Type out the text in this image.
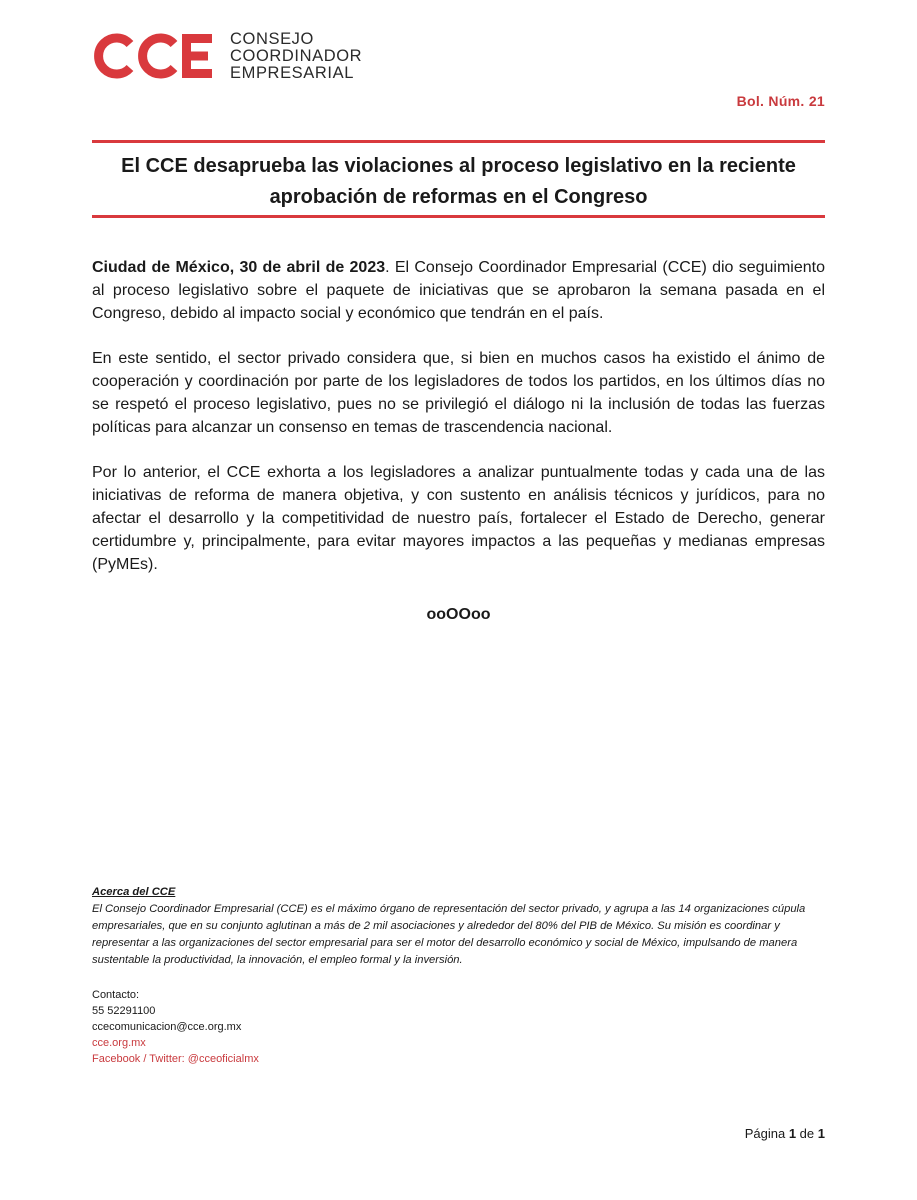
CONSEJO
COORDINADOR
EMPRESARIAL
Bol. Núm. 21
El CCE desaprueba las violaciones al proceso legislativo en la reciente
aprobación de reformas en el Congreso

Ciudad de México, 30 de abril de 2023. El Consejo Coordinador Empresarial (CCE) dio seguimiento al proceso legislativo sobre el paquete de iniciativas que se aprobaron la semana pasada en el Congreso, debido al impacto social y económico que tendrán en el país.

En este sentido, el sector privado considera que, si bien en muchos casos ha existido el ánimo de cooperación y coordinación por parte de los legisladores de todos los partidos, en los últimos días no se respetó el proceso legislativo, pues no se privilegió el diálogo ni la inclusión de todas las fuerzas políticas para alcanzar un consenso en temas de trascendencia nacional.

Por lo anterior, el CCE exhorta a los legisladores a analizar puntualmente todas y cada una de las iniciativas de reforma de manera objetiva, y con sustento en análisis técnicos y jurídicos, para no afectar el desarrollo y la competitividad de nuestro país, fortalecer el Estado de Derecho, generar certidumbre y, principalmente, para evitar mayores impactos a las pequeñas y medianas empresas (PyMEs).

ooOOoo
Acerca del CCE
El Consejo Coordinador Empresarial (CCE) es el máximo órgano de representación del sector privado, y agrupa a las 14 organizaciones cúpula empresariales, que en su conjunto aglutinan a más de 2 mil asociaciones y alrededor del 80% del PIB de México. Su misión es coordinar y representar a las organizaciones del sector empresarial para ser el motor del desarrollo económico y social de México, impulsando de manera sustentable la productividad, la innovación, el empleo formal y la inversión.
Contacto:
55 52291100
ccecomunicacion@cce.org.mx
cce.org.mx
Facebook / Twitter: @cceoficialmx
Página 1 de 1
